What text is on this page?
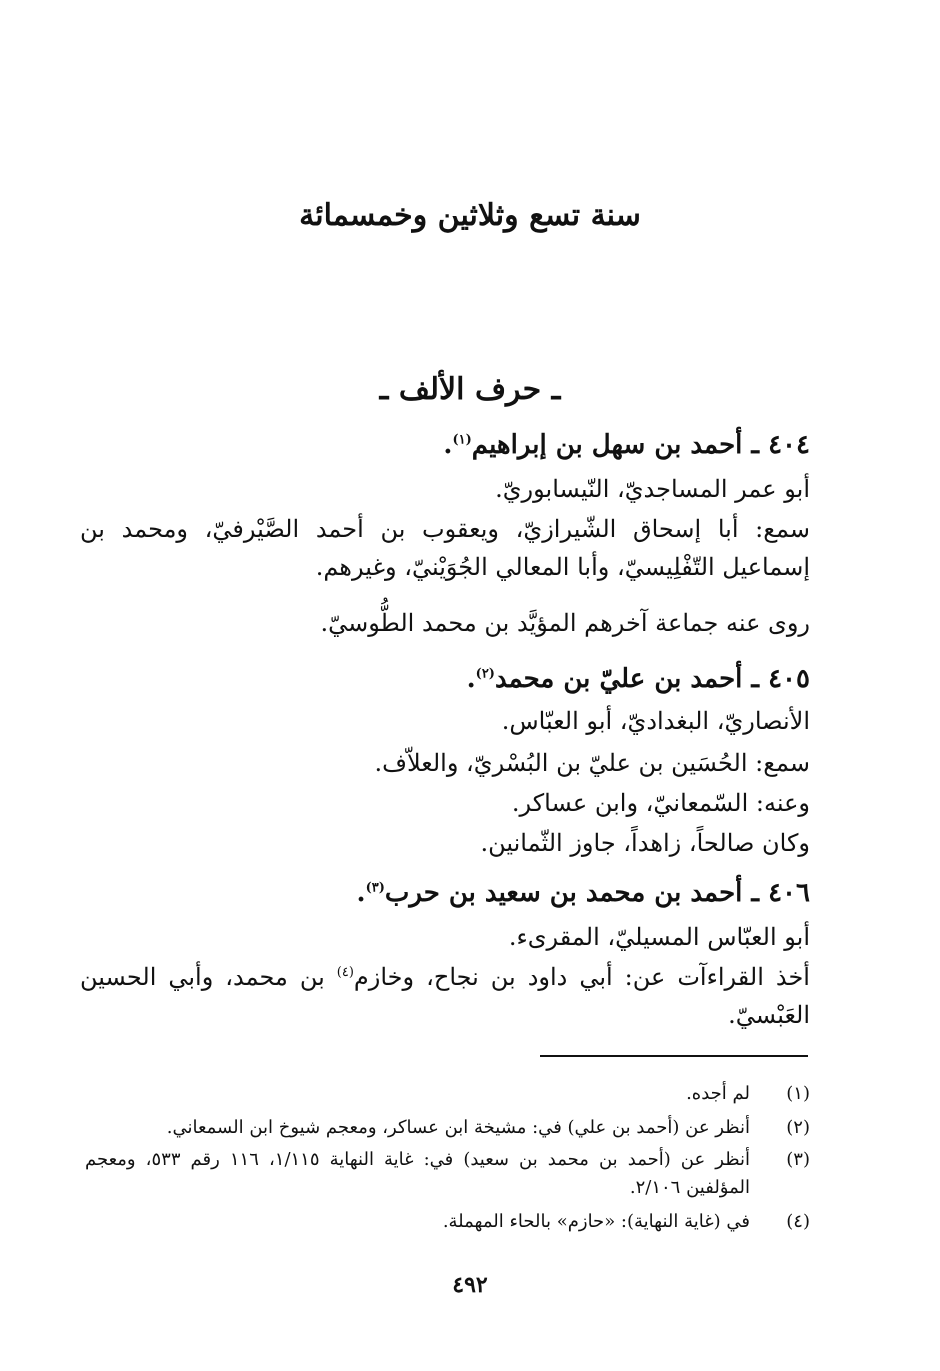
سنة تسع وثلاثين وخمسمائة
ـ حرف الألف ـ
٤٠٤ ـ أحمد بن سهل بن إبراهيم$^{(١)}$.
أبو عمر المساجديّ، النّيسابوريّ.
سمع: أبا إسحاق الشّيرازيّ، ويعقوب بن أحمد الصَّيْرفيّ، ومحمد بن إسماعيل التّفْلِيسيّ، وأبا المعالي الجُوَيْنيّ، وغيرهم.
روى عنه جماعة آخرهم المؤيَّد بن محمد الطُّوسيّ.
٤٠٥ ـ أحمد بن عليّ بن محمد$^{(٢)}$.
الأنصاريّ، البغداديّ، أبو العبّاس.
سمع: الحُسَين بن عليّ بن البُسْريّ، والعلاّف.
وعنه: السّمعانيّ، وابن عساكر.
وكان صالحاً، زاهداً، جاوز الثّمانين.
٤٠٦ ـ أحمد بن محمد بن سعيد بن حرب$^{(٣)}$.
أبو العبّاس المسيليّ، المقرىء.
أخذ القراءآت عن: أبي داود بن نجاح، وخازم$^{(٤)}$ بن محمد، وأبي الحسين العَبْسيّ.
(١)لم أجده.
(٢)أنظر عن (أحمد بن علي) في: مشيخة ابن عساكر، ومعجم شيوخ ابن السمعاني.
(٣)أنظر عن (أحمد بن محمد بن سعيد) في: غاية النهاية ١/١١٥، ١١٦ رقم ٥٣٣، ومعجم المؤلفين ٢/١٠٦.
(٤)في (غاية النهاية): «حازم» بالحاء المهملة.
٤٩٢
